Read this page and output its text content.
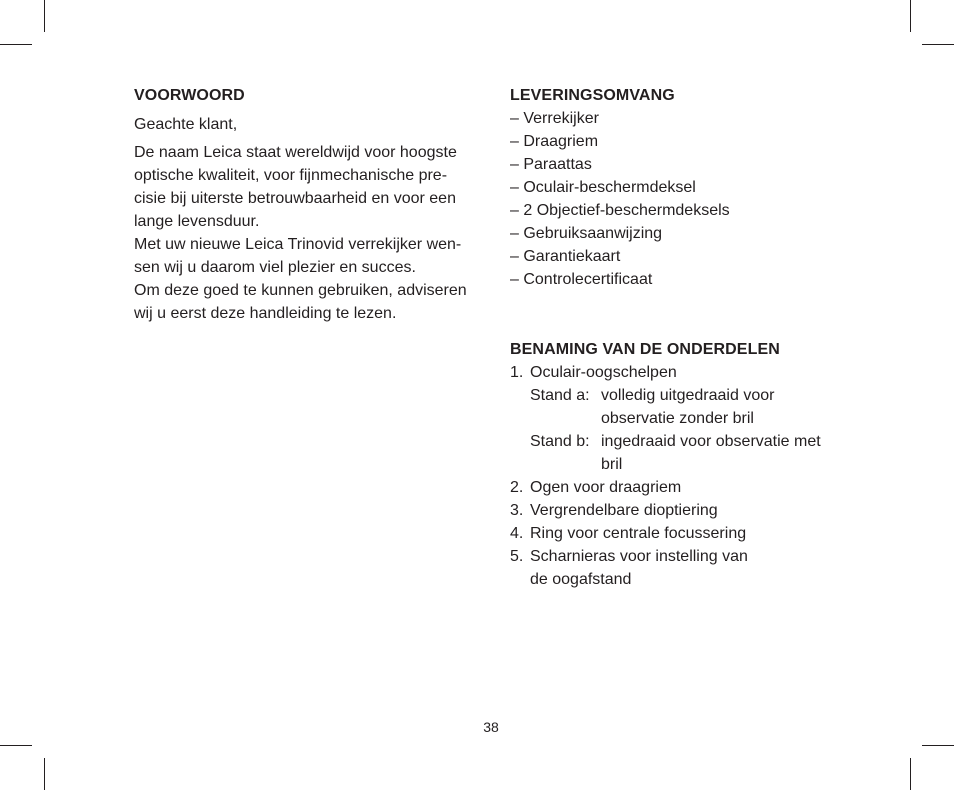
VOORWOORD

Geachte klant,

De naam Leica staat wereldwijd voor hoogste optische kwaliteit, voor fijnmechanische pre- cisie bij uiterste betrouwbaarheid en voor een lange levensduur.

Met uw nieuwe Leica Trinovid verrekijker wen- sen wij u daarom viel plezier en succes.

Om deze goed te kunnen gebruiken, adviseren wij u eerst deze handleiding te lezen.

LEVERINGSOMVANG
– Verrekijker
– Draagriem
– Paraattas
– Oculair-beschermdeksel
– 2 Objectief-beschermdeksels
– Gebruiksaanwijzing
– Garantiekaart
– Controlecertificaat
BENAMING VAN DE ONDERDELEN
1. Oculair-oogschelpen
Stand a: volledig uitgedraaid voor observatie zonder bril
Stand b: ingedraaid voor observatie met bril
2. Ogen voor draagriem
3. Vergrendelbare dioptiering
4. Ring voor centrale focussering
5. Scharnieras voor instelling van de oogafstand
38
